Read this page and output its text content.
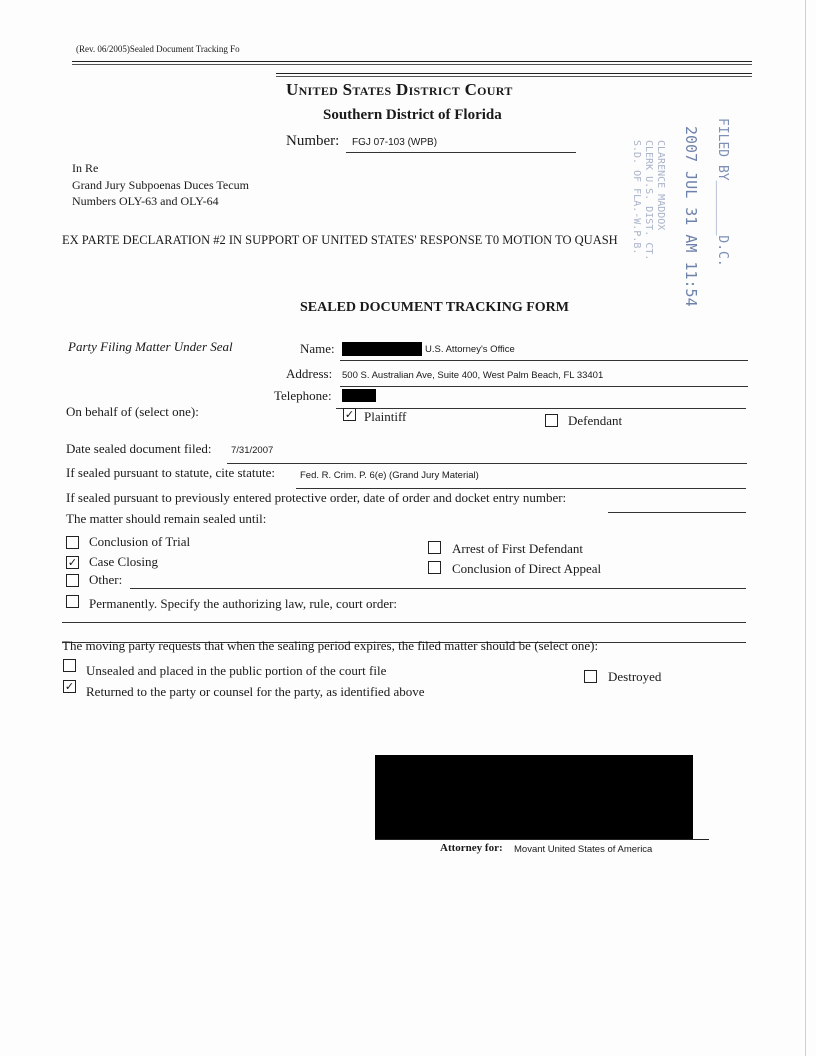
(Rev. 06/2005)Sealed Document Tracking Fo
United States District Court
Southern District of Florida
Number: FGJ 07-103 (WPB)
In Re
Grand Jury Subpoenas Duces Tecum
Numbers OLY-63 and OLY-64
EX PARTE DECLARATION #2 IN SUPPORT OF UNITED STATES' RESPONSE T0 MOTION TO QUASH	FILED BY_______D.C.
2007 JUL 31 AM 11:54
CLARENCE MADDOX
CLERK U.S. DIST. CT.
S.D. OF FLA.-W.P.B.
SEALED DOCUMENT TRACKING FORM
Party Filing Matter Under Seal	Name:	U.S. Attorney's Office
Address: 500 S. Australian Ave, Suite 400, West Palm Beach, FL 33401
Telephone:
On behalf of (select one):	✓ Plaintiff	Defendant
Date sealed document filed: 7/31/2007
If sealed pursuant to statute, cite statute:	Fed. R. Crim. P. 6(e) (Grand Jury Material)
If sealed pursuant to previously entered protective order, date of order and docket entry number:
The matter should remain sealed until:
Conclusion of Trial
✓ Case Closing
Other:
Arrest of First Defendant
Conclusion of Direct Appeal
Permanently. Specify the authorizing law, rule, court order:
The moving party requests that when the sealing period expires, the filed matter should be (select one):
Unsealed and placed in the public portion of the court file	Destroyed
✓ Returned to the party or counsel for the party, as identified above
Attorney for: Movant United States of America
